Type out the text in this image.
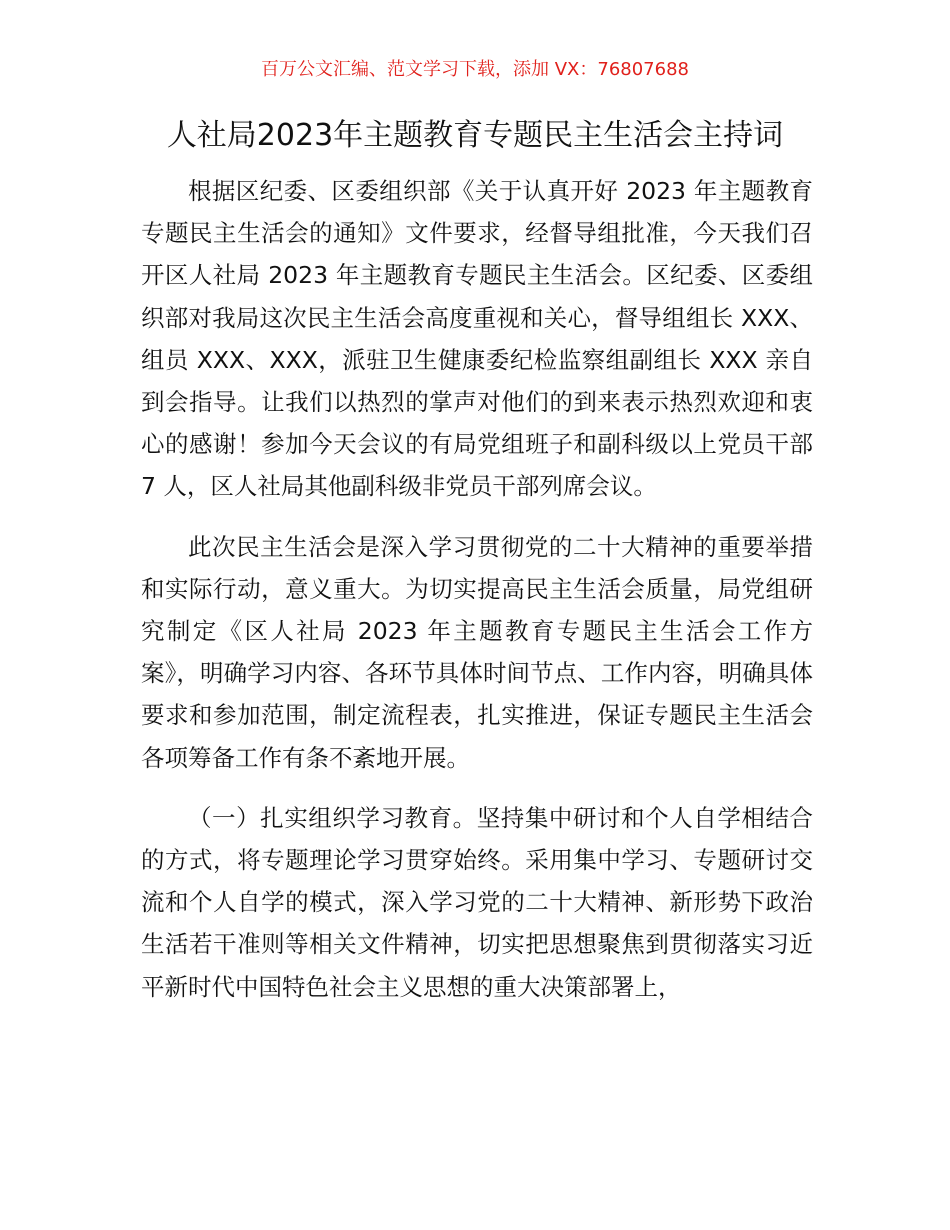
百万公文汇编、范文学习下载，添加 VX：76807688
人社局2023年主题教育专题民主生活会主持词

根据区纪委、区委组织部《关于认真开好 2023 年主题教育专题民主生活会的通知》文件要求，经督导组批准，今天我们召开区人社局 2023 年主题教育专题民主生活会。区纪委、区委组织部对我局这次民主生活会高度重视和关心，督导组组长 XXX、组员 XXX、XXX，派驻卫生健康委纪检监察组副组长 XXX 亲自到会指导。让我们以热烈的掌声对他们的到来表示热烈欢迎和衷心的感谢！参加今天会议的有局党组班子和副科级以上党员干部 7 人，区人社局其他副科级非党员干部列席会议。

此次民主生活会是深入学习贯彻党的二十大精神的重要举措和实际行动，意义重大。为切实提高民主生活会质量，局党组研究制定《区人社局 2023 年主题教育专题民主生活会工作方案》，明确学习内容、各环节具体时间节点、工作内容，明确具体要求和参加范围，制定流程表，扎实推进，保证专题民主生活会各项筹备工作有条不紊地开展。

（一）扎实组织学习教育。坚持集中研讨和个人自学相结合的方式，将专题理论学习贯穿始终。采用集中学习、专题研讨交流和个人自学的模式，深入学习党的二十大精神、新形势下政治生活若干准则等相关文件精神，切实把思想聚焦到贯彻落实习近平新时代中国特色社会主义思想的重大决策部署上，
